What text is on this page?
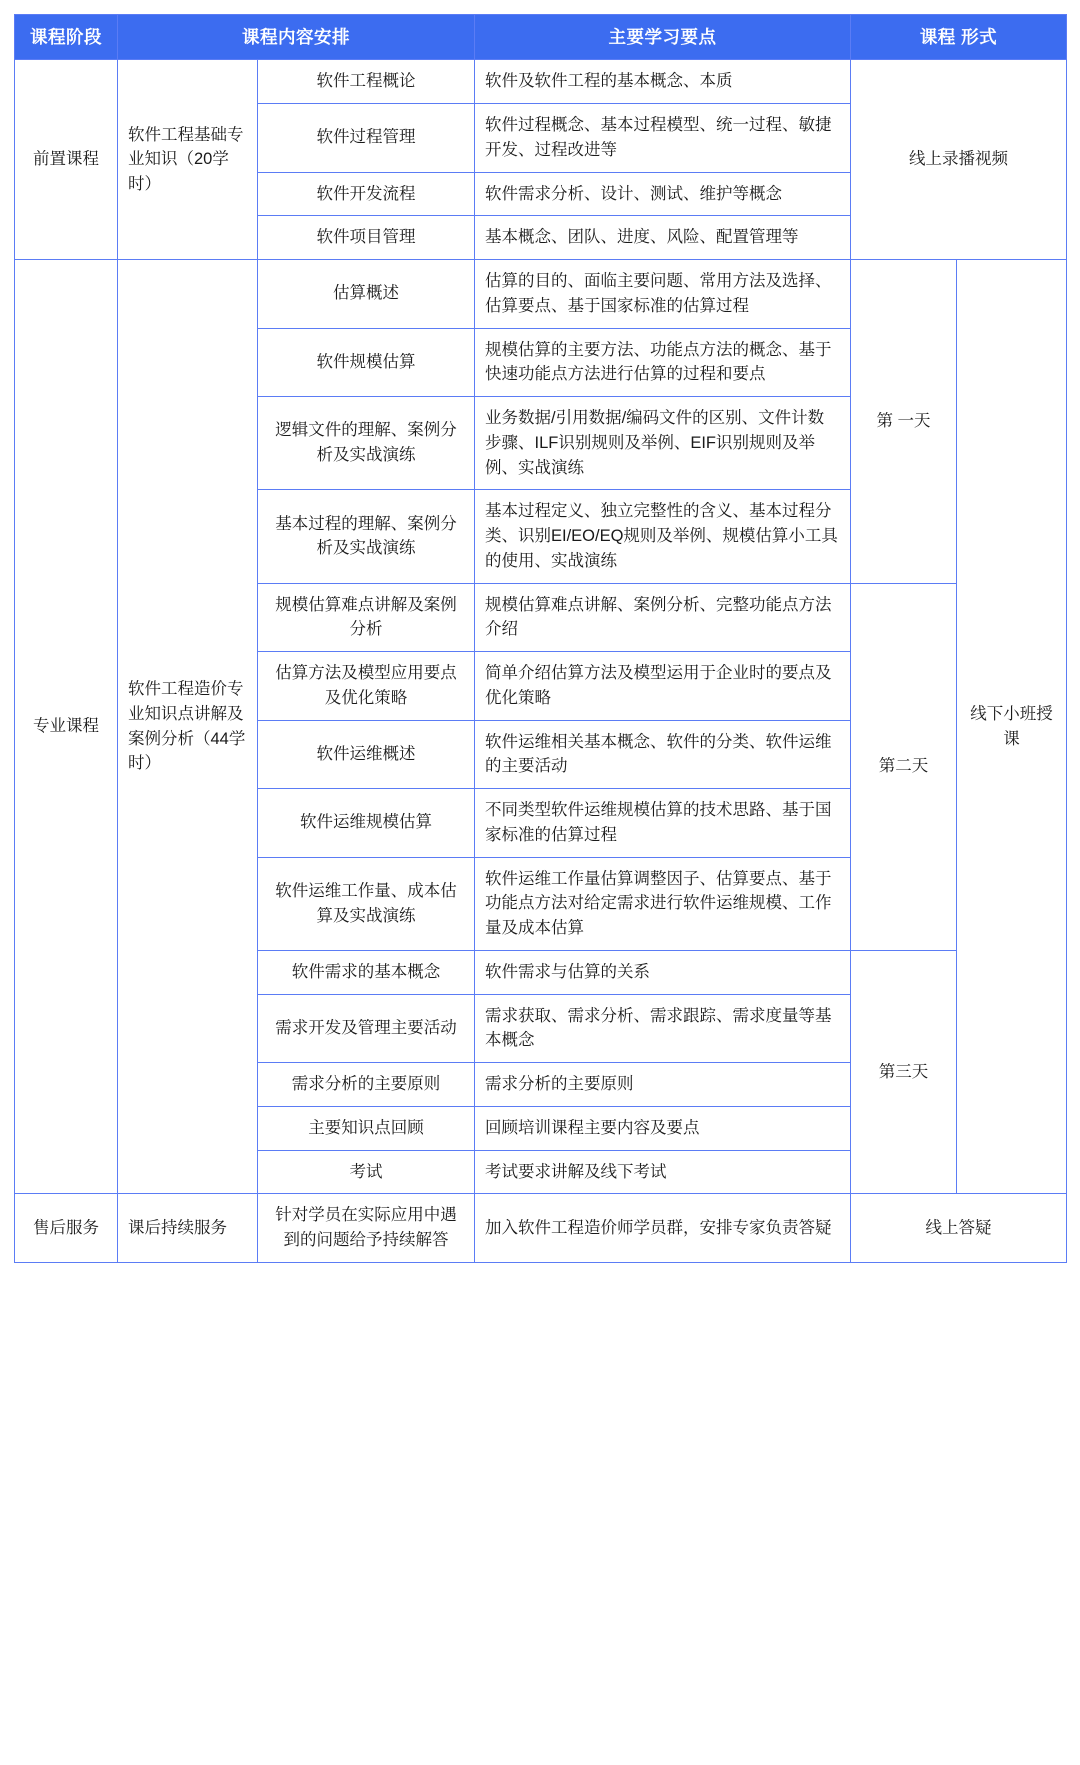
课程阶段	课程内容安排		主要学习要点	课程 形式	
前置课程	软件工程基础专业知识（20学时）	软件工程概论	软件及软件工程的基本概念、本质	线上录播视频	
		软件过程管理	软件过程概念、基本过程模型、统一过程、敏捷开发、过程改进等		
		软件开发流程	软件需求分析、设计、测试、维护等概念		
		软件项目管理	基本概念、团队、进度、风险、配置管理等		
专业课程	软件工程造价专业知识点讲解及案例分析（44学时）	估算概述	估算的目的、面临主要问题、常用方法及选择、估算要点、基于国家标准的估算过程	第 一天	线下小班授课
		软件规模估算	规模估算的主要方法、功能点方法的概念、基于快速功能点方法进行估算的过程和要点		
		逻辑文件的理解、案例分析及实战演练	业务数据/引用数据/编码文件的区别、文件计数步骤、ILF识别规则及举例、EIF识别规则及举例、实战演练		
		基本过程的理解、案例分析及实战演练	基本过程定义、独立完整性的含义、基本过程分类、识别EI/EO/EQ规则及举例、规模估算小工具的使用、实战演练		
		规模估算难点讲解及案例分析	规模估算难点讲解、案例分析、完整功能点方法介绍	第二天	
		估算方法及模型应用要点及优化策略	简单介绍估算方法及模型运用于企业时的要点及优化策略		
		软件运维概述	软件运维相关基本概念、软件的分类、软件运维的主要活动		
		软件运维规模估算	不同类型软件运维规模估算的技术思路、基于国家标准的估算过程		
		软件运维工作量、成本估算及实战演练	软件运维工作量估算调整因子、估算要点、基于功能点方法对给定需求进行软件运维规模、工作量及成本估算		
		软件需求的基本概念	软件需求与估算的关系	第三天	
		需求开发及管理主要活动	需求获取、需求分析、需求跟踪、需求度量等基本概念		
		需求分析的主要原则	需求分析的主要原则		
		主要知识点回顾	回顾培训课程主要内容及要点		
		考试	考试要求讲解及线下考试		
售后服务	课后持续服务	针对学员在实际应用中遇到的问题给予持续解答	加入软件工程造价师学员群，安排专家负责答疑	线上答疑	
